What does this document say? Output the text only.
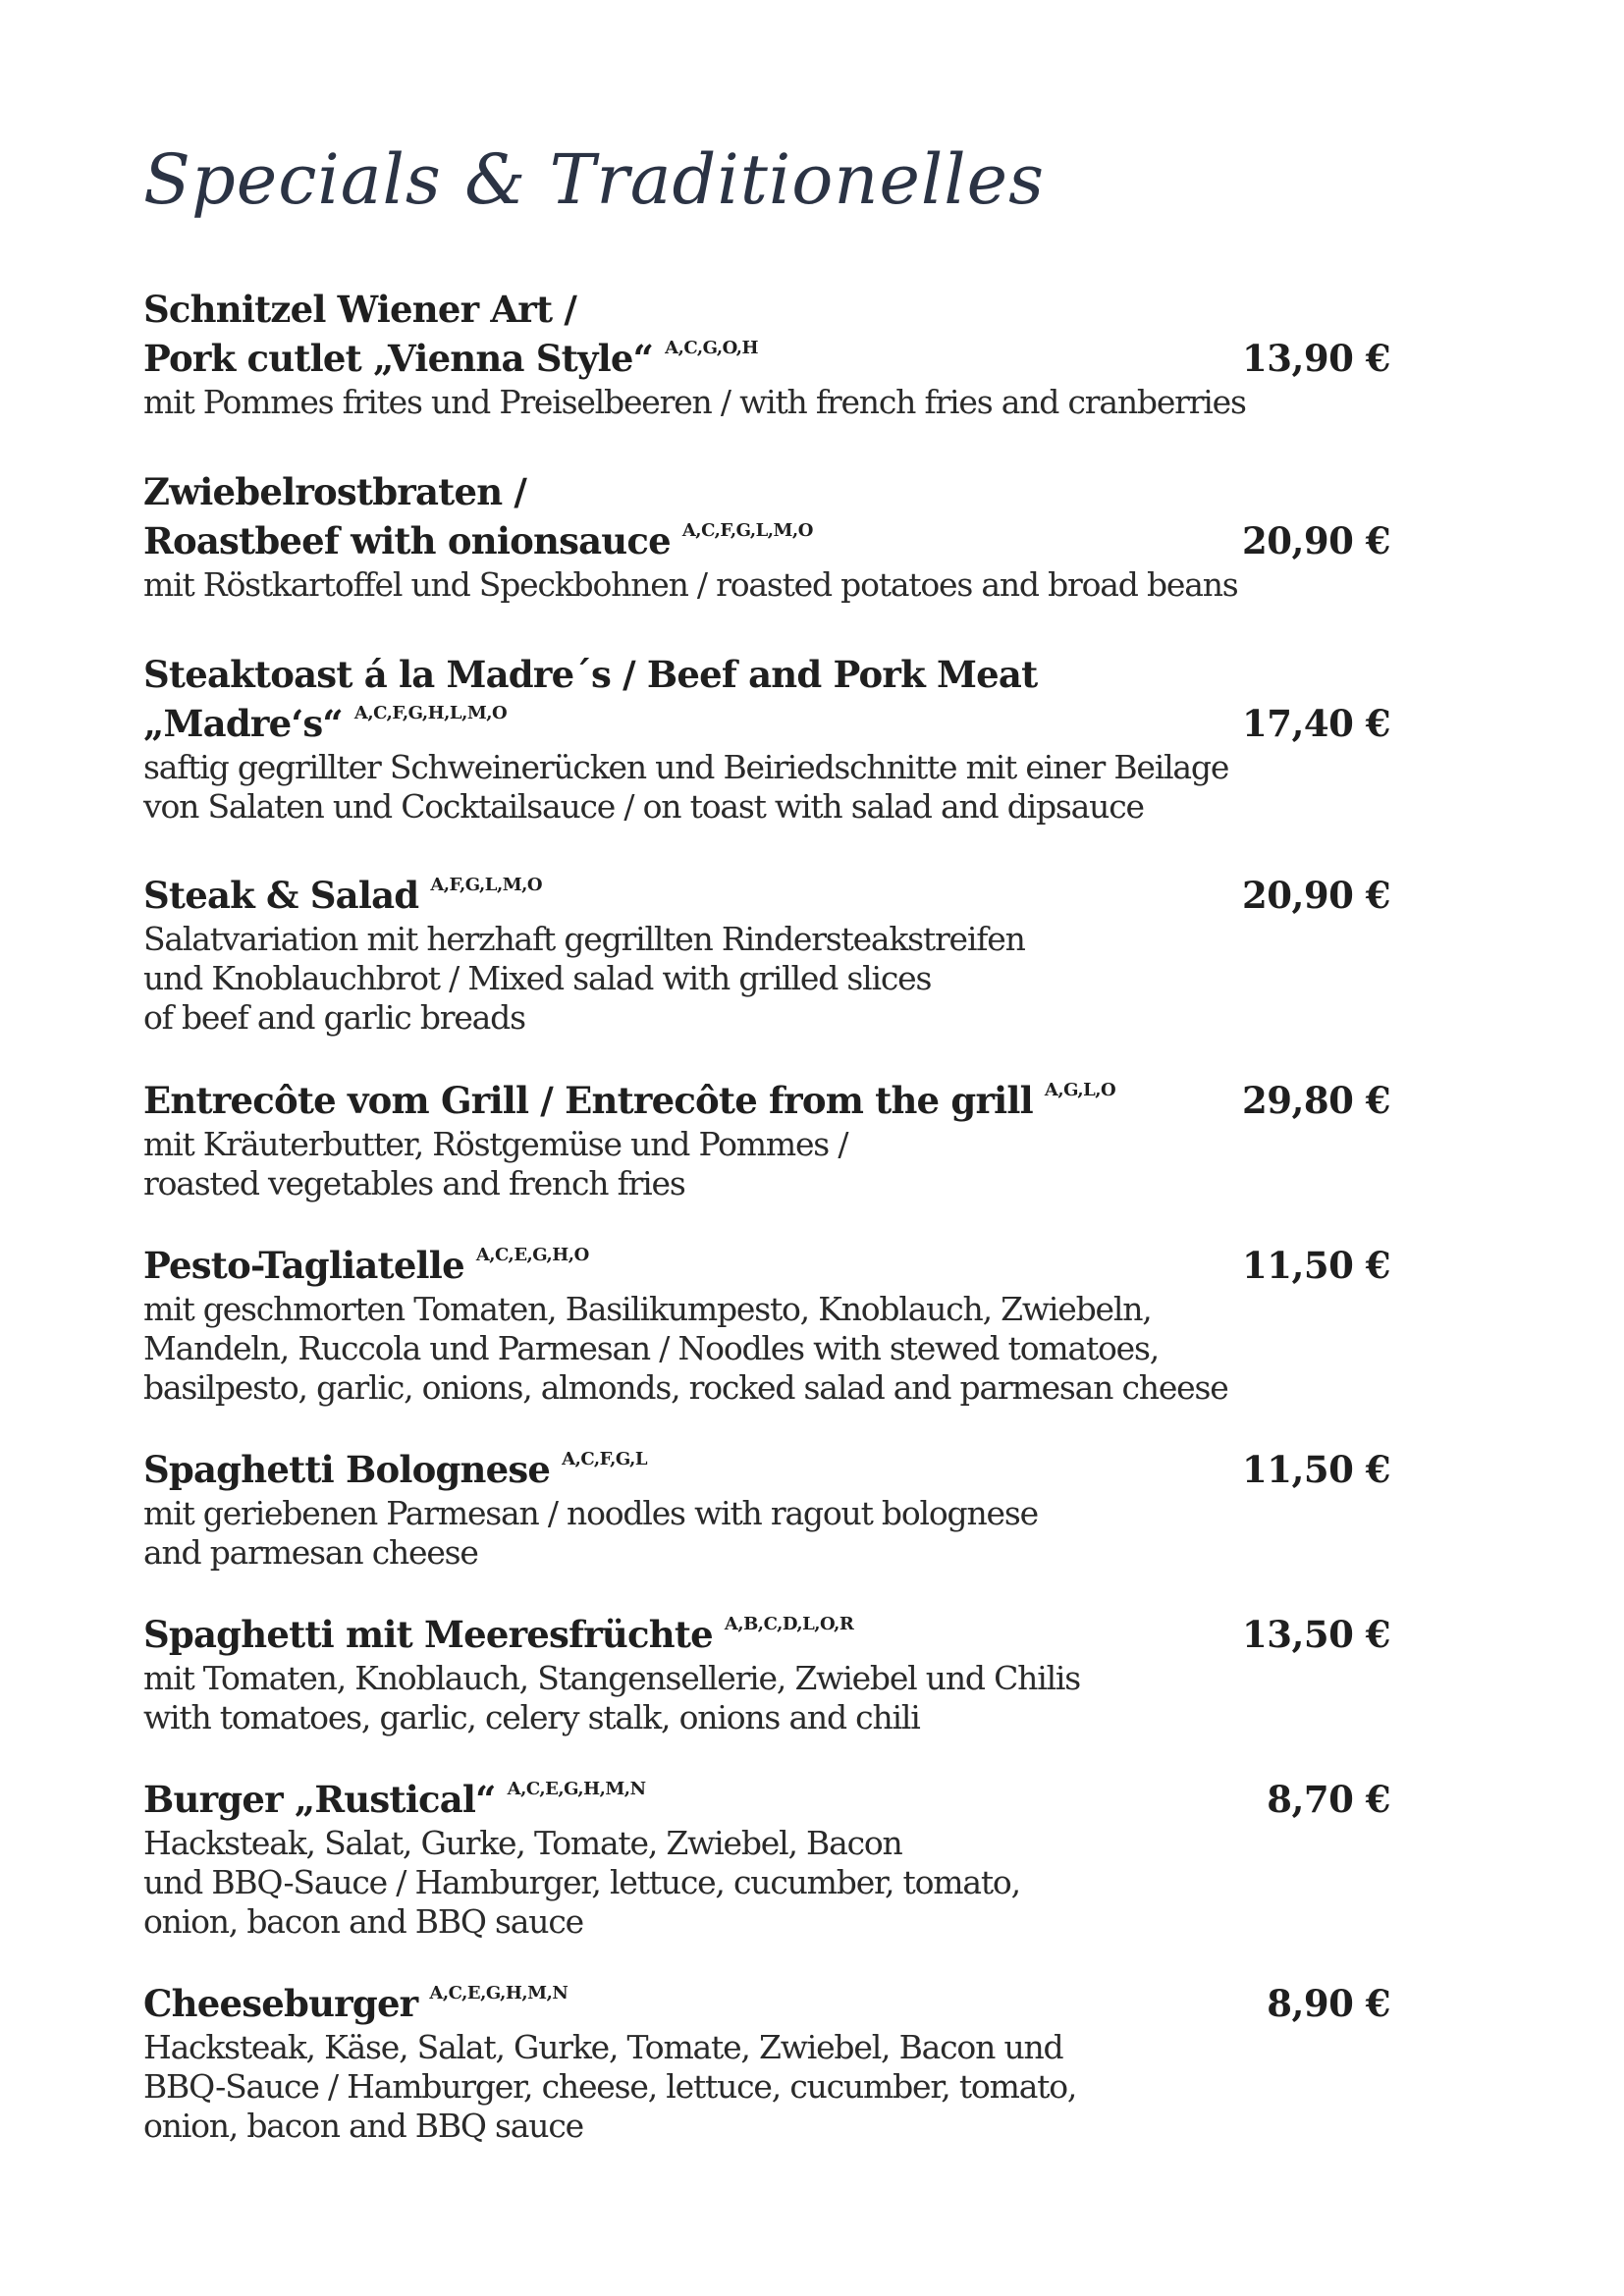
Specials & Traditionelles
Schnitzel Wiener Art /
Pork cutlet „Vienna Style“ A,C,G,O,H	13,90 €
mit Pommes frites und Preiselbeeren / with french fries and cranberries
Zwiebelrostbraten /
Roastbeef with onionsauce A,C,F,G,L,M,O	20,90 €
mit Röstkartoffel und Speckbohnen / roasted potatoes and broad beans
Steaktoast á la Madre´s / Beef and Pork Meat
„Madre‘s“ A,C,F,G,H,L,M,O	17,40 €
saftig gegrillter Schweinerücken und Beiriedschnitte mit einer Beilage
von Salaten und Cocktailsauce / on toast with salad and dipsauce
Steak & Salad A,F,G,L,M,O	20,90 €
Salatvariation mit herzhaft gegrillten Rindersteakstreifen
und Knoblauchbrot / Mixed salad with grilled slices
of beef and garlic breads
Entrecôte vom Grill / Entrecôte from the grill A,G,L,O	29,80 €
mit Kräuterbutter, Röstgemüse und Pommes /
roasted vegetables and french fries
Pesto-Tagliatelle A,C,E,G,H,O	11,50 €
mit geschmorten Tomaten, Basilikumpesto, Knoblauch, Zwiebeln,
Mandeln, Ruccola und Parmesan / Noodles with stewed tomatoes,
basilpesto, garlic, onions, almonds, rocked salad and parmesan cheese
Spaghetti Bolognese A,C,F,G,L	11,50 €
mit geriebenen Parmesan / noodles with ragout bolognese
and parmesan cheese
Spaghetti mit Meeresfrüchte A,B,C,D,L,O,R	13,50 €
mit Tomaten, Knoblauch, Stangensellerie, Zwiebel und Chilis
with tomatoes, garlic, celery stalk, onions and chili
Burger „Rustical“ A,C,E,G,H,M,N	8,70 €
Hacksteak, Salat, Gurke, Tomate, Zwiebel, Bacon
und BBQ-Sauce / Hamburger, lettuce, cucumber, tomato,
onion, bacon and BBQ sauce
Cheeseburger A,C,E,G,H,M,N	8,90 €
Hacksteak, Käse, Salat, Gurke, Tomate, Zwiebel, Bacon und
BBQ-Sauce / Hamburger, cheese, lettuce, cucumber, tomato,
onion, bacon and BBQ sauce
